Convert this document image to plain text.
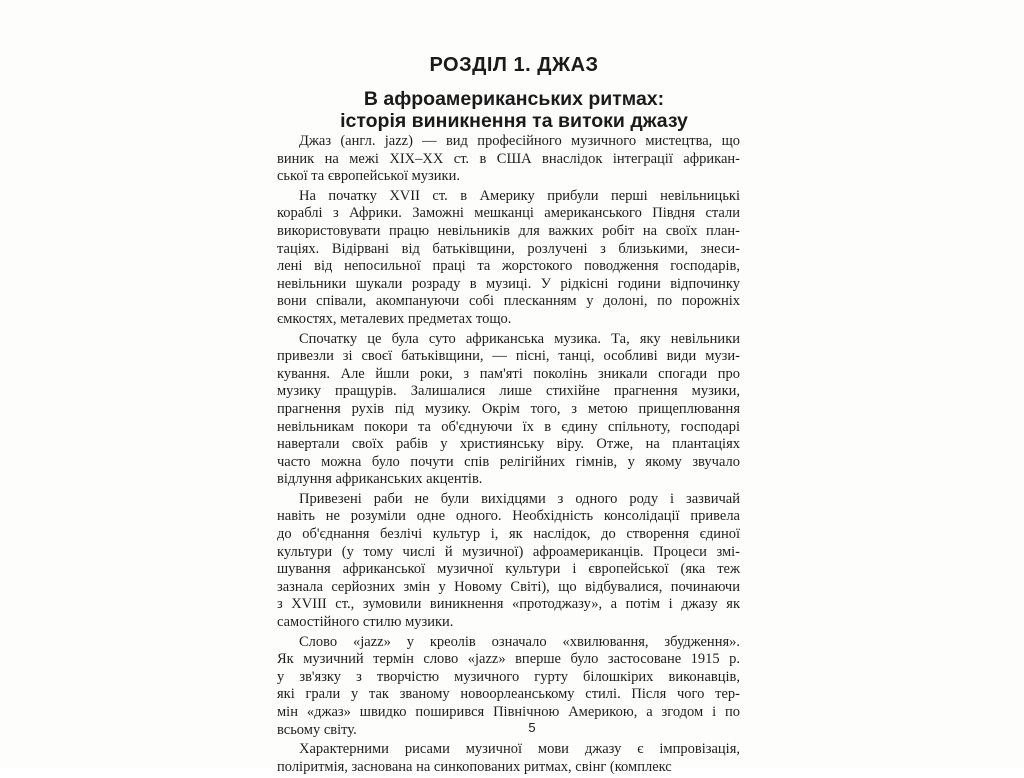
РОЗДІЛ 1. ДЖАЗ
В афроамериканських ритмах:
історія виникнення та витоки джазу

Джаз (англ. jazz) — вид професійного музичного мистецтва, що
виник на межі XIX–XX ст. в США внаслідок інтеграції африкан-
ської та європейської музики.

На початку XVII ст. в Америку прибули перші невільницькі
кораблі з Африки. Заможні мешканці американського Півдня стали
використовувати працю невільників для важких робіт на своїх план-
таціях. Відірвані від батьківщини, розлучені з близькими, знеси-
лені від непосильної праці та жорстокого поводження господарів,
невільники шукали розраду в музиці. У рідкісні години відпочинку
вони співали, акомпануючи собі плесканням у долоні, по порожніх
ємкостях, металевих предметах тощо.

Спочатку це була суто африканська музика. Та, яку невільники
привезли зі своєї батьківщини, — пісні, танці, особливі види музи-
кування. Але йшли роки, з пам'яті поколінь зникали спогади про
музику пращурів. Залишалися лише стихійне прагнення музики,
прагнення рухів під музику. Окрім того, з метою прищеплювання
невільникам покори та об'єднуючи їх в єдину спільноту, господарі
навертали своїх рабів у християнську віру. Отже, на плантаціях
часто можна було почути спів релігійних гімнів, у якому звучало
відлуння африканських акцентів.

Привезені раби не були вихідцями з одного роду і зазвичай
навіть не розуміли одне одного. Необхідність консолідації привела
до об'єднання безлічі культур і, як наслідок, до створення єдиної
культури (у тому числі й музичної) афроамериканців. Процеси змі-
шування африканської музичної культури і європейської (яка теж
зазнала серйозних змін у Новому Світі), що відбувалися, починаючи
з XVIII ст., зумовили виникнення «протоджазу», а потім і джазу як
самостійного стилю музики.

Слово «jazz» у креолів означало «хвилювання, збудження».
Як музичний термін слово «jazz» вперше було застосоване 1915 р.
у зв'язку з творчістю музичного гурту білошкірих виконавців,
які грали у так званому новоорлеанському стилі. Після чого тер-
мін «джаз» швидко поширився Північною Америкою, а згодом і по
всьому світу.

Характерними рисами музичної мови джазу є імпровізація,
поліритмія, заснована на синкопованих ритмах, свінг (комплекс

5
